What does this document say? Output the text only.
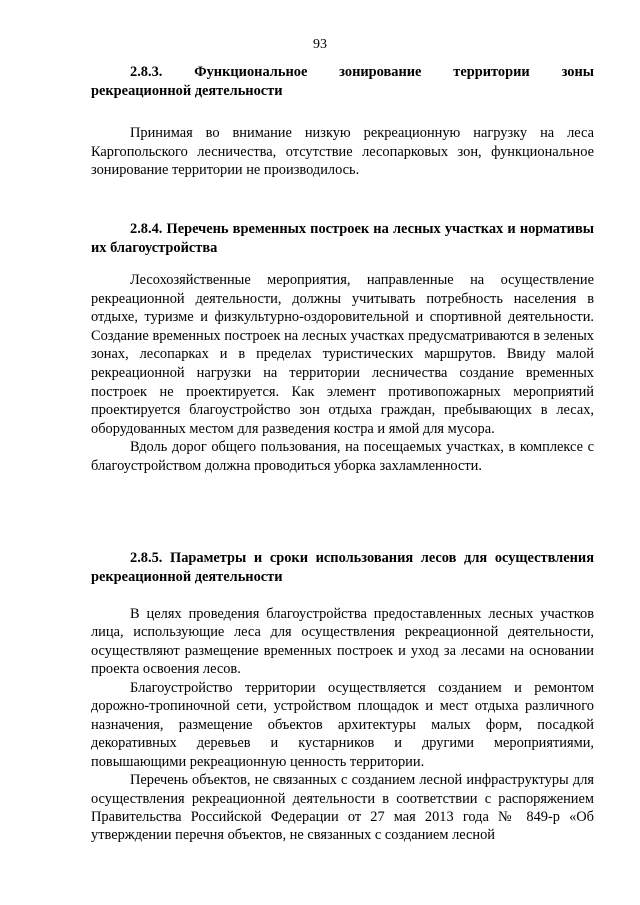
93
2.8.3.       Функциональное       зонирование       территории       зоны рекреационной деятельности

Принимая во внимание низкую рекреационную нагрузку на леса Каргопольского лесничества, отсутствие лесопарковых зон, функциональное зонирование территории не производилось.

2.8.4. Перечень временных построек на лесных участках и нормативы их благоустройства

Лесохозяйственные мероприятия, направленные на осуществление рекреационной деятельности, должны учитывать потребность населения в отдыхе, туризме и физкультурно-оздоровительной и спортивной деятельности. Создание временных построек на лесных участках предусматриваются в зеленых зонах, лесопарках и в пределах туристических маршрутов. Ввиду малой рекреационной нагрузки на территории лесничества создание временных построек не проектируется. Как элемент противопожарных мероприятий проектируется благоустройство зон отдыха граждан, пребывающих в лесах, оборудованных местом для разведения костра и ямой для мусора.

Вдоль дорог общего пользования, на посещаемых участках, в комплексе с благоустройством должна проводиться уборка захламленности.

2.8.5. Параметры и сроки использования лесов для осуществления рекреационной деятельности

В целях проведения благоустройства предоставленных лесных участков лица, использующие леса для осуществления рекреационной деятельности, осуществляют размещение временных построек и уход за лесами на основании проекта освоения лесов.

Благоустройство территории осуществляется созданием и ремонтом дорожно-тропиночной сети, устройством площадок и мест отдыха различного назначения, размещение объектов архитектуры малых форм, посадкой декоративных деревьев и кустарников и другими мероприятиями, повышающими рекреационную ценность территории.

Перечень объектов, не связанных с созданием лесной инфраструктуры для осуществления рекреационной деятельности в соответствии с распоряжением Правительства Российской Федерации от 27 мая 2013 года № 849-р «Об утверждении перечня объектов, не связанных с созданием лесной
